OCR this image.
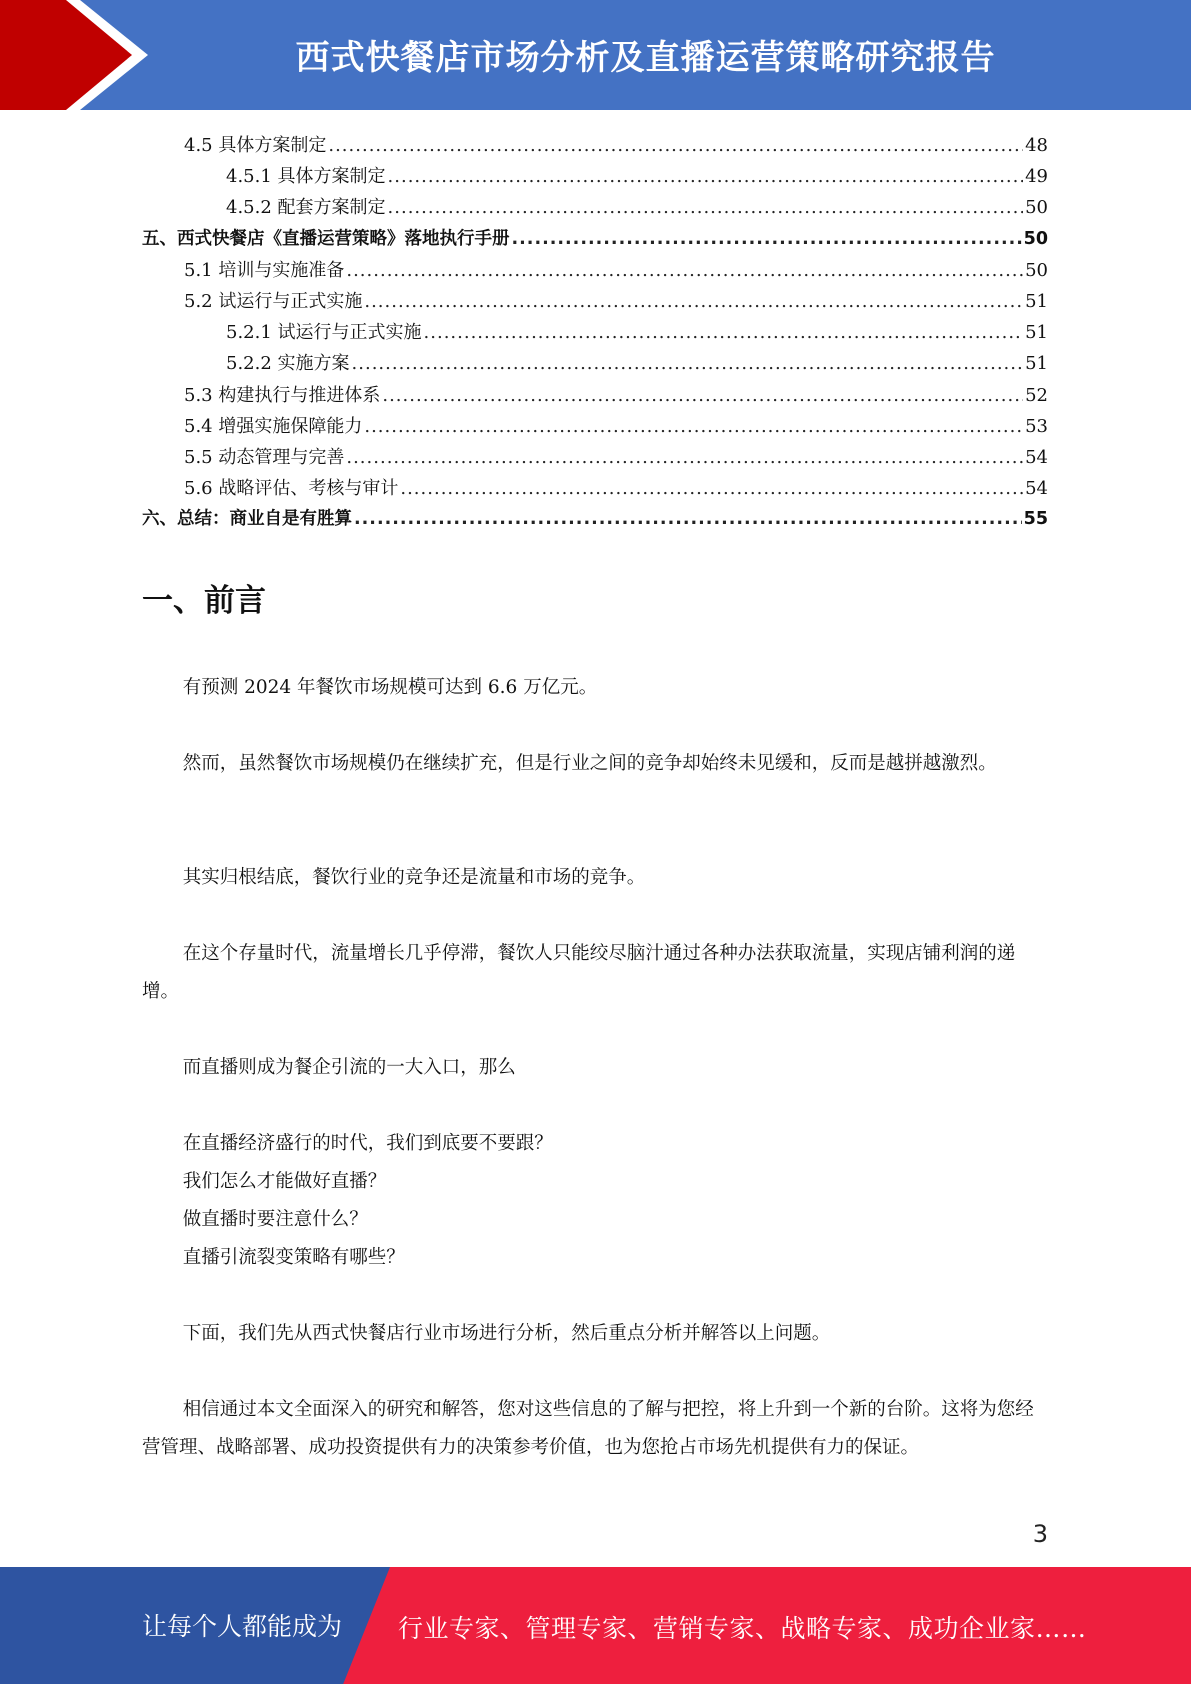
西式快餐店市场分析及直播运营策略研究报告
4.5 具体方案制定 .....	48
4.5.1 具体方案制定 .....	49
4.5.2 配套方案制定 .....	50
五、西式快餐店《直播运营策略》落地执行手册 .....	50
5.1 培训与实施准备 .....	50
5.2 试运行与正式实施 .....	51
5.2.1 试运行与正式实施 .....	51
5.2.2 实施方案 .....	51
5.3 构建执行与推进体系 .....	52
5.4 增强实施保障能力 .....	53
5.5 动态管理与完善 .....	54
5.6 战略评估、考核与审计 .....	54
六、总结：商业自是有胜算 .....	55
一、前言
有预测 2024 年餐饮市场规模可达到 6.6 万亿元。
然而，虽然餐饮市场规模仍在继续扩充，但是行业之间的竞争却始终未见缓和，反而是越拼越激烈。
其实归根结底，餐饮行业的竞争还是流量和市场的竞争。
在这个存量时代，流量增长几乎停滞，餐饮人只能绞尽脑汁通过各种办法获取流量，实现店铺利润的递增。
而直播则成为餐企引流的一大入口，那么
在直播经济盛行的时代，我们到底要不要跟？
我们怎么才能做好直播？
做直播时要注意什么？
直播引流裂变策略有哪些？
下面，我们先从西式快餐店行业市场进行分析，然后重点分析并解答以上问题。
相信通过本文全面深入的研究和解答，您对这些信息的了解与把控，将上升到一个新的台阶。这将为您经营管理、战略部署、成功投资提供有力的决策参考价值，也为您抢占市场先机提供有力的保证。
3
让每个人都能成为 行业专家、管理专家、营销专家、战略专家、成功企业家……
